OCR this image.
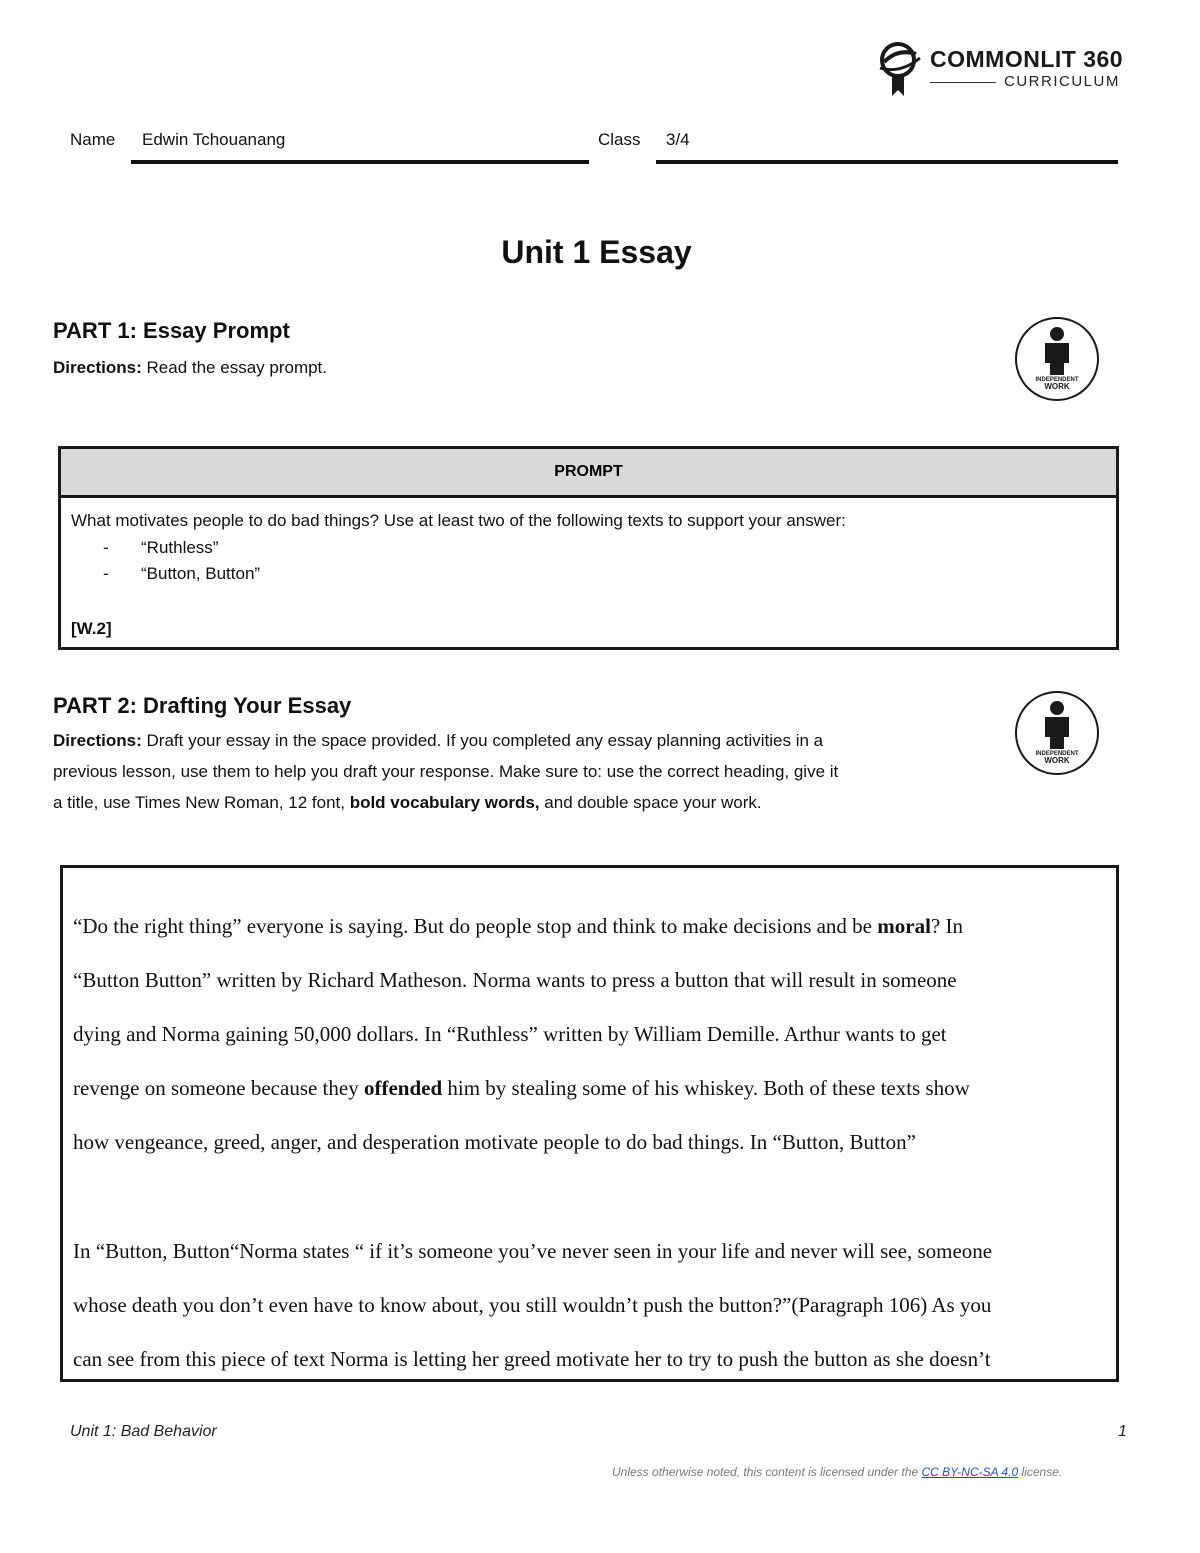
COMMONLIT 360
CURRICULUM
Name Edwin Tchouanang	Class 3/4
Unit 1 Essay
PART 1: Essay Prompt
Directions: Read the essay prompt.
INDEPENDENT
WORK
PROMPT
What motivates people to do bad things? Use at least two of the following texts to support your answer:
- “Ruthless”
- “Button, Button”
[W.2]
PART 2: Drafting Your Essay
Directions: Draft your essay in the space provided. If you completed any essay planning activities in a
previous lesson, use them to help you draft your response. Make sure to: use the correct heading, give it
a title, use Times New Roman, 12 font, bold vocabulary words, and double space your work.
INDEPENDENT
WORK
“Do the right thing” everyone is saying. But do people stop and think to make decisions and be moral? In
“Button Button” written by Richard Matheson. Norma wants to press a button that will result in someone
dying and Norma gaining 50,000 dollars. In “Ruthless” written by William Demille. Arthur wants to get
revenge on someone because they offended him by stealing some of his whiskey. Both of these texts show
how vengeance, greed, anger, and desperation motivate people to do bad things. In “Button, Button”
In “Button, Button“Norma states “ if it’s someone you’ve never seen in your life and never will see, someone
whose death you don’t even have to know about, you still wouldn’t push the button?”(Paragraph 106) As you
can see from this piece of text Norma is letting her greed motivate her to try to push the button as she doesn’t
Unit 1: Bad Behavior	1
Unless otherwise noted, this content is licensed under the CC BY-NC-SA 4.0 license.
